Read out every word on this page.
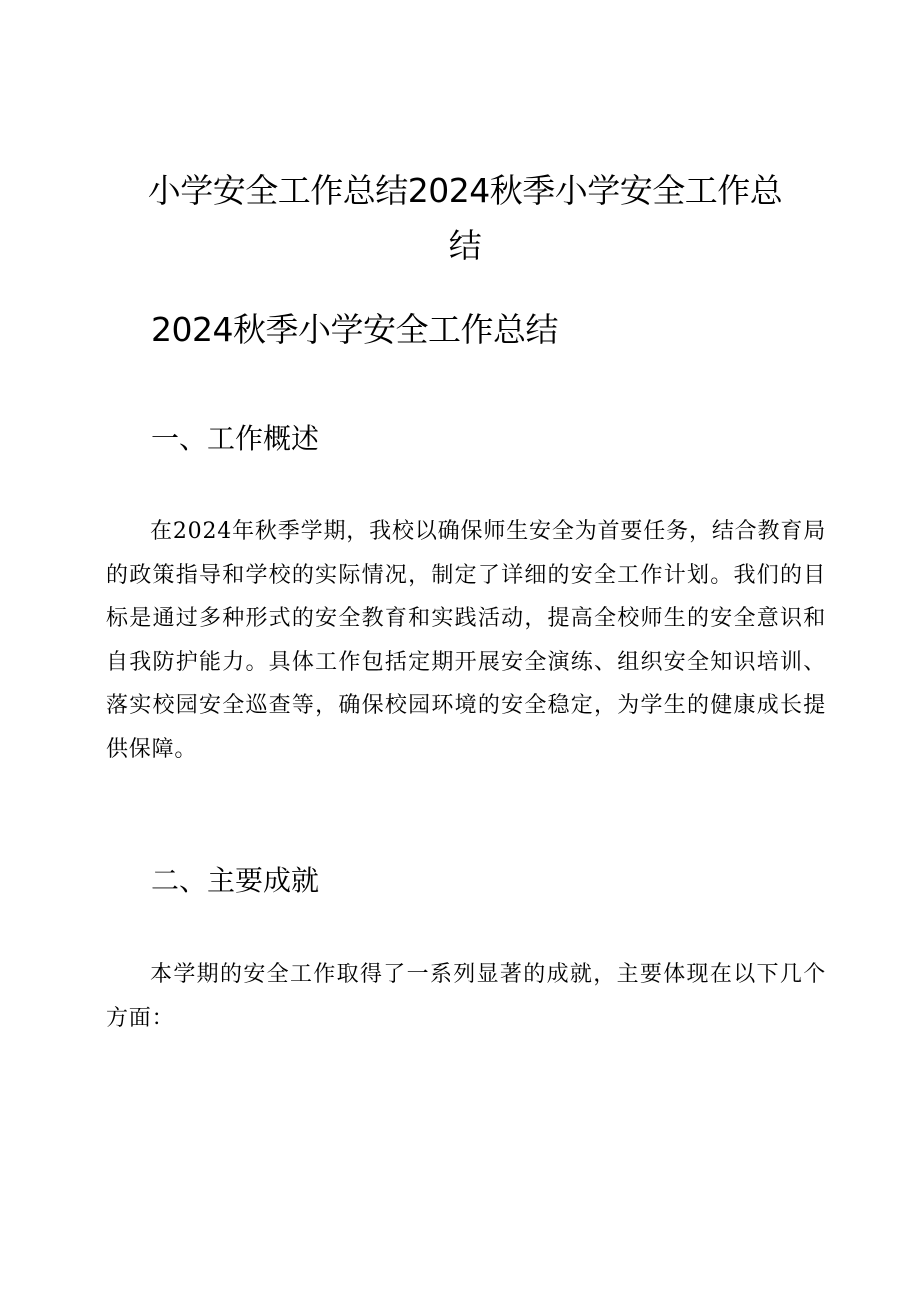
小学安全工作总结2024秋季小学安全工作总结
2024秋季小学安全工作总结
一、工作概述

在2024年秋季学期，我校以确保师生安全为首要任务，结合教育局的政策指导和学校的实际情况，制定了详细的安全工作计划。我们的目标是通过多种形式的安全教育和实践活动，提高全校师生的安全意识和自我防护能力。具体工作包括定期开展安全演练、组织安全知识培训、落实校园安全巡查等，确保校园环境的安全稳定，为学生的健康成长提供保障。

二、主要成就

本学期的安全工作取得了一系列显著的成就，主要体现在以下几个方面：
